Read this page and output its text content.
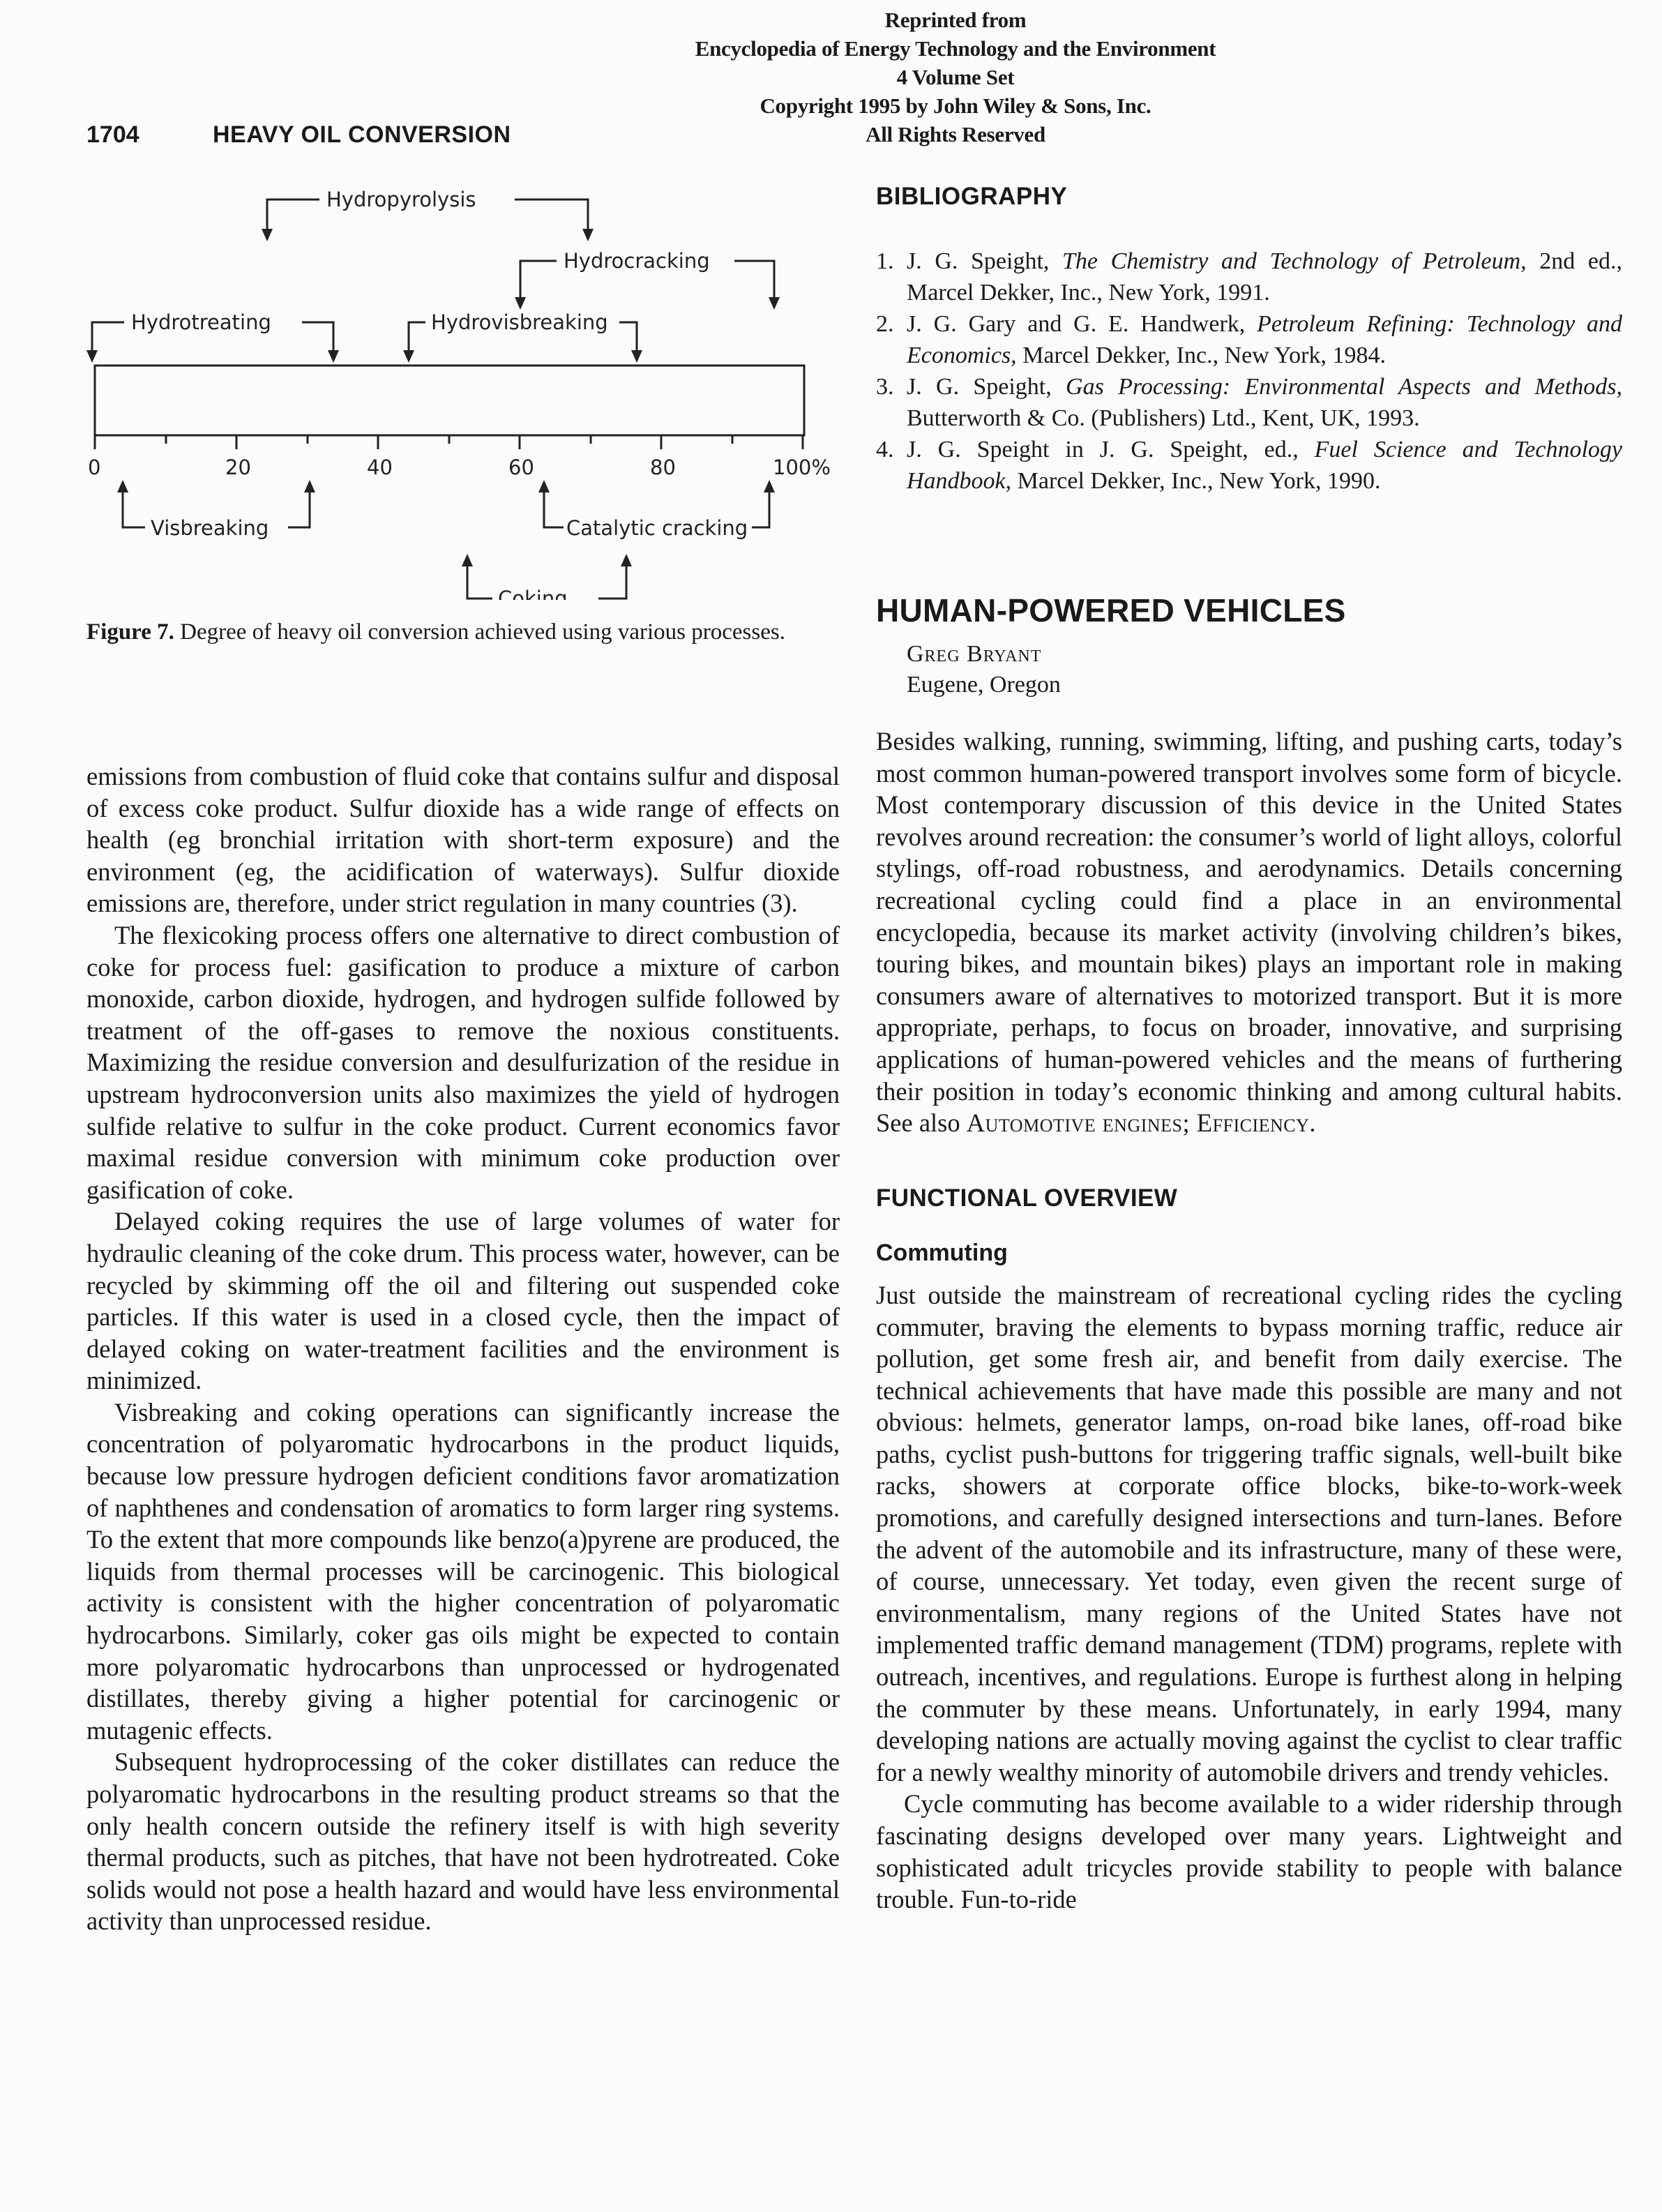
Reprinted from
Encyclopedia of Energy Technology and the Environment
4 Volume Set
Copyright 1995 by John Wiley & Sons, Inc.
All Rights Reserved
1704	HEAVY OIL CONVERSION
Hydropyrolysis
Hydrocracking
Hydrotreating	Hydrovisbreaking
0	20	40	60	80	100%
Visbreaking	Catalytic cracking
Coking
Figure 7. Degree of heavy oil conversion achieved using various processes.

emissions from combustion of fluid coke that contains sulfur and disposal of excess coke product. Sulfur dioxide has a wide range of effects on health (eg bronchial irritation with short-term exposure) and the environment (eg, the acidification of waterways). Sulfur dioxide emissions are, therefore, under strict regulation in many countries (3).

The flexicoking process offers one alternative to direct combustion of coke for process fuel: gasification to produce a mixture of carbon monoxide, carbon dioxide, hydrogen, and hydrogen sulfide followed by treatment of the off-gases to remove the noxious constituents. Maximizing the residue conversion and desulfurization of the residue in upstream hydroconversion units also maximizes the yield of hydrogen sulfide relative to sulfur in the coke product. Current economics favor maximal residue conversion with minimum coke production over gasification of coke.

Delayed coking requires the use of large volumes of water for hydraulic cleaning of the coke drum. This process water, however, can be recycled by skimming off the oil and filtering out suspended coke particles. If this water is used in a closed cycle, then the impact of delayed coking on water-treatment facilities and the environment is minimized.

Visbreaking and coking operations can significantly increase the concentration of polyaromatic hydrocarbons in the product liquids, because low pressure hydrogen deficient conditions favor aromatization of naphthenes and condensation of aromatics to form larger ring systems. To the extent that more compounds like benzo(a)pyrene are produced, the liquids from thermal processes will be carcinogenic. This biological activity is consistent with the higher concentration of polyaromatic hydrocarbons. Similarly, coker gas oils might be expected to contain more polyaromatic hydrocarbons than unprocessed or hydrogenated distillates, thereby giving a higher potential for carcinogenic or mutagenic effects.

Subsequent hydroprocessing of the coker distillates can reduce the polyaromatic hydrocarbons in the resulting product streams so that the only health concern outside the refinery itself is with high severity thermal products, such as pitches, that have not been hydrotreated. Coke solids would not pose a health hazard and would have less environmental activity than unprocessed residue.

BIBLIOGRAPHY
1. J. G. Speight, The Chemistry and Technology of Petroleum, 2nd ed., Marcel Dekker, Inc., New York, 1991.
2. J. G. Gary and G. E. Handwerk, Petroleum Refining: Technology and Economics, Marcel Dekker, Inc., New York, 1984.
3. J. G. Speight, Gas Processing: Environmental Aspects and Methods, Butterworth & Co. (Publishers) Ltd., Kent, UK, 1993.
4. J. G. Speight in J. G. Speight, ed., Fuel Science and Technology Handbook, Marcel Dekker, Inc., New York, 1990.
HUMAN-POWERED VEHICLES
Greg Bryant
Eugene, Oregon

Besides walking, running, swimming, lifting, and pushing carts, today’s most common human-powered transport involves some form of bicycle. Most contemporary discussion of this device in the United States revolves around recreation: the consumer’s world of light alloys, colorful stylings, off-road robustness, and aerodynamics. Details concerning recreational cycling could find a place in an environmental encyclopedia, because its market activity (involving children’s bikes, touring bikes, and mountain bikes) plays an important role in making consumers aware of alternatives to motorized transport. But it is more appropriate, perhaps, to focus on broader, innovative, and surprising applications of human-powered vehicles and the means of furthering their position in today’s economic thinking and among cultural habits. See also Automotive engines; Efficiency.

FUNCTIONAL OVERVIEW
Commuting

Just outside the mainstream of recreational cycling rides the cycling commuter, braving the elements to bypass morning traffic, reduce air pollution, get some fresh air, and benefit from daily exercise. The technical achievements that have made this possible are many and not obvious: helmets, generator lamps, on-road bike lanes, off-road bike paths, cyclist push-buttons for triggering traffic signals, well-built bike racks, showers at corporate office blocks, bike-to-work-week promotions, and carefully designed intersections and turn-lanes. Before the advent of the automobile and its infrastructure, many of these were, of course, unnecessary. Yet today, even given the recent surge of environmentalism, many regions of the United States have not implemented traffic demand management (TDM) programs, replete with outreach, incentives, and regulations. Europe is furthest along in helping the commuter by these means. Unfortunately, in early 1994, many developing nations are actually moving against the cyclist to clear traffic for a newly wealthy minority of automobile drivers and trendy vehicles.

Cycle commuting has become available to a wider ridership through fascinating designs developed over many years. Lightweight and sophisticated adult tricycles provide stability to people with balance trouble. Fun-to-ride
